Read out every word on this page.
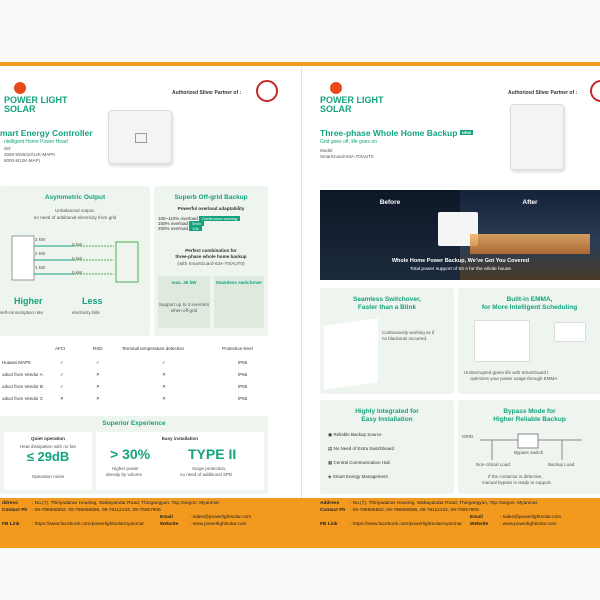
POWER LIGHT
SOLAR
Authorized Silver Partner of :
mart Energy Controller
ntelligent Home Power Heart
del:
2000-5/6/8/10/12K-MAP0
5000-8/12K-MAP)
Asymmetric Output
Unbalanced output,
no need of additional electricity from grid
3 kW
0 kW
2 kW
0 kW
1 kW
0 kW
Higher
self-consumption rate
Less
electricity bills
Superb Off-grid Backup
Powerful overload adaptability
100~110% overload Continuous working
150% overload 5min
200% overload 10s
Perfect combination for
three-phase whole home backup
(with SmartGuard-63A-T0/AUT0)
max. 36 kW
Support up to 3 inverters when off-grid
Seamless switchover
AFCI	RSD	Terminal temperature detection	Protection level
Huawei MAP0	✓	✓	✓	IP66
oduct from Vendor A	✓	✕	✕	IP66
oduct from Vendor B	✓	✕	✕	IP65
oduct from Vendor C	✕	✕	✕	IP65
Superior Experience
Quiet operation
Heat dissipation with no fan
≤ 29dB
Operation noise
Easy installation
> 30%
Higher power
density by volume
TYPE II
Surge protection,
no need of additional SPD
POWER LIGHT
SOLAR
Authorized Silver Partner of :
Three-phase Whole Home Backup $^{NEW}$
Grid goes off, life goes on
Model:
SmartGuard-63A-T0/AUT0
Before	After
Whole Home Power Backup, We've Got You Covered
Total power support of 63 A for the whole house
Seamless Switchover,
Faster than a Blink
Continuously working as if
no blackouts occurred.
Built-in EMMA,
for More Intelligent Scheduling
Uninterrupted green life with SmartGuard t
optimizes your power usage through EMMA
Highly Integrated for
Easy Installation
▣ Reliable Backup Source
▤ No Need of Extra Switchboard
▦ Central Communication Hub
◈ Smart Energy Management
Bypass Mode for
Higher Reliable Backup
GRID
Bypass Switch
Non-critical Load	Backup Load
If the contactor is defective,
manual bypass is ready to support.
ddress	: No.(7), Thiriyadanar Housing, Wabayandar Road, Thingangyun, Tsp,Yangon, Myanmar
Contact Ph : 09-798666562, 09-796666596, 09-76112134, 09-75057906
Email	: sales@powerlightsolar.com
FB Link	: https://www.facebook.com/powerlightsolarmyanmar	Website : www.powerlightsolar.com
Address : No.(7), Thiriyadanar Housing, Wabayandar Road, Thingangyun, Tsp,Yangon, Myanmar
Contact Ph : 09-798666562, 09-796666596, 09-76112134, 09-75057906
Email	: sales@powerlightsolar.com
FB Link	: https://www.facebook.com/powerlightsolarmyanmar Website : www.powerlightsolar.com
